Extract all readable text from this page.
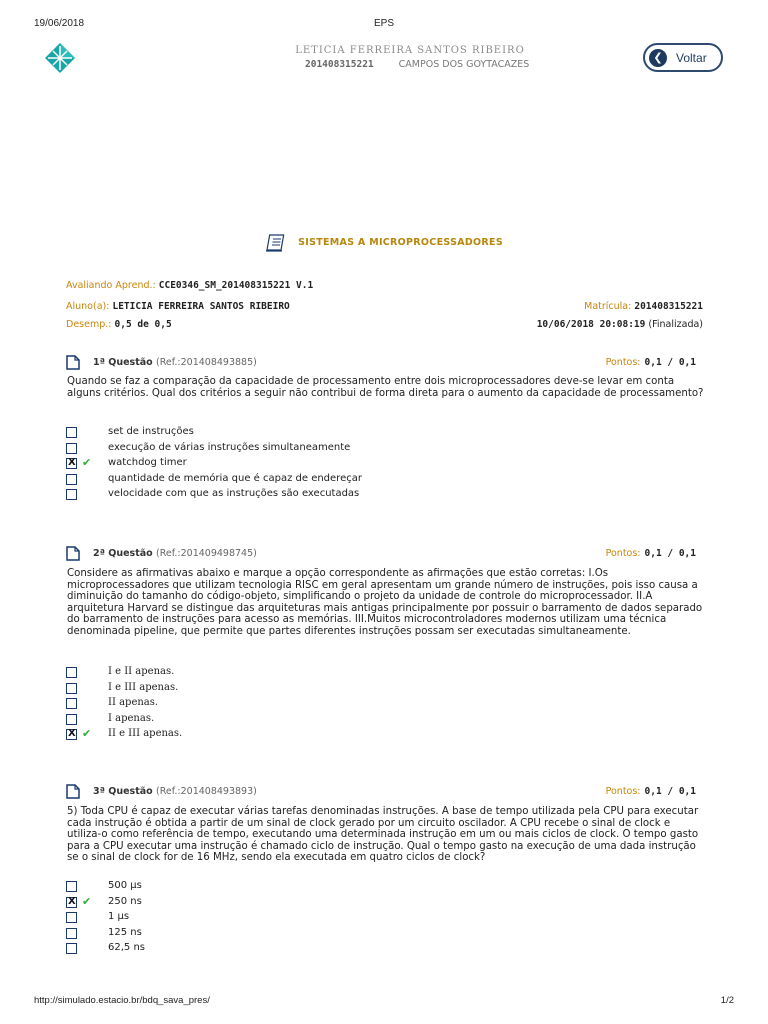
19/06/2018	EPS
LETICIA FERREIRA SANTOS RIBEIRO
201408315221	CAMPOS DOS GOYTACAZES
❮	Voltar
SISTEMAS A MICROPROCESSADORES
Avaliando Aprend.: CCE0346_SM_201408315221 V.1
Aluno(a): LETICIA FERREIRA SANTOS RIBEIRO	Matrícula: 201408315221
Desemp.: 0,5 de 0,5	10/06/2018 20:08:19 (Finalizada)
1ª Questão (Ref.:201408493885)	Pontos: 0,1 / 0,1
Quando se faz a comparação da capacidade de processamento entre dois microprocessadores deve-se levar em conta alguns critérios. Qual dos critérios a seguir não contribui de forma direta para o aumento da capacidade de processamento?
set de instruções
execução de várias instruções simultaneamente
X
✔ watchdog timer
quantidade de memória que é capaz de endereçar
velocidade com que as instruções são executadas
2ª Questão (Ref.:201409498745)	Pontos: 0,1 / 0,1
Considere as afirmativas abaixo e marque a opção correspondente as afirmações que estão corretas: I.Os microprocessadores que utilizam tecnologia RISC em geral apresentam um grande número de instruções, pois isso causa a diminuição do tamanho do código-objeto, simplificando o projeto da unidade de controle do microprocessador. II.A arquitetura Harvard se distingue das arquiteturas mais antigas principalmente por possuir o barramento de dados separado do barramento de instruções para acesso as memórias. III.Muitos microcontroladores modernos utilizam uma técnica denominada pipeline, que permite que partes diferentes instruções possam ser executadas simultaneamente.
I e II apenas.
I e III apenas.
II apenas.
I apenas.
X
✔ II e III apenas.
3ª Questão (Ref.:201408493893)	Pontos: 0,1 / 0,1
5) Toda CPU é capaz de executar várias tarefas denominadas instruções. A base de tempo utilizada pela CPU para executar cada instrução é obtida a partir de um sinal de clock gerado por um circuito oscilador. A CPU recebe o sinal de clock e utiliza-o como referência de tempo, executando uma determinada instrução em um ou mais ciclos de clock. O tempo gasto para a CPU executar uma instrução é chamado ciclo de instrução. Qual o tempo gasto na execução de uma dada instrução se o sinal de clock for de 16 MHz, sendo ela executada em quatro ciclos de clock?
500 µs
X
✔ 250 ns
1 µs
125 ns
62,5 ns
http://simulado.estacio.br/bdq_sava_pres/	1/2
